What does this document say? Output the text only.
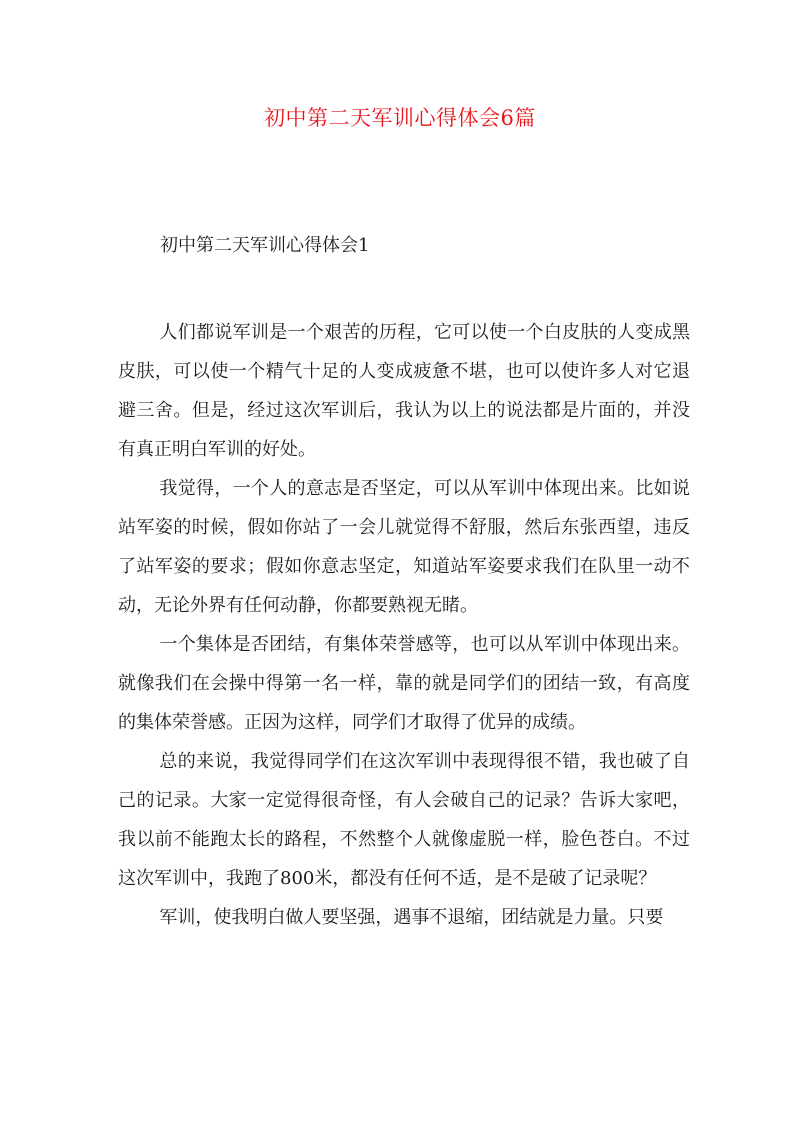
初中第二天军训心得体会6篇
初中第二天军训心得体会1

人们都说军训是一个艰苦的历程，它可以使一个白皮肤的人变成黑皮肤，可以使一个精气十足的人变成疲惫不堪，也可以使许多人对它退避三舍。但是，经过这次军训后，我认为以上的说法都是片面的，并没有真正明白军训的好处。

我觉得，一个人的意志是否坚定，可以从军训中体现出来。比如说站军姿的时候，假如你站了一会儿就觉得不舒服，然后东张西望，违反了站军姿的要求；假如你意志坚定，知道站军姿要求我们在队里一动不动，无论外界有任何动静，你都要熟视无睹。

一个集体是否团结，有集体荣誉感等，也可以从军训中体现出来。就像我们在会操中得第一名一样，靠的就是同学们的团结一致，有高度的集体荣誉感。正因为这样，同学们才取得了优异的成绩。

总的来说，我觉得同学们在这次军训中表现得很不错，我也破了自己的记录。大家一定觉得很奇怪，有人会破自己的记录？告诉大家吧，我以前不能跑太长的路程，不然整个人就像虚脱一样，脸色苍白。不过这次军训中，我跑了800米，都没有任何不适，是不是破了记录呢？

军训，使我明白做人要坚强，遇事不退缩，团结就是力量。只要
